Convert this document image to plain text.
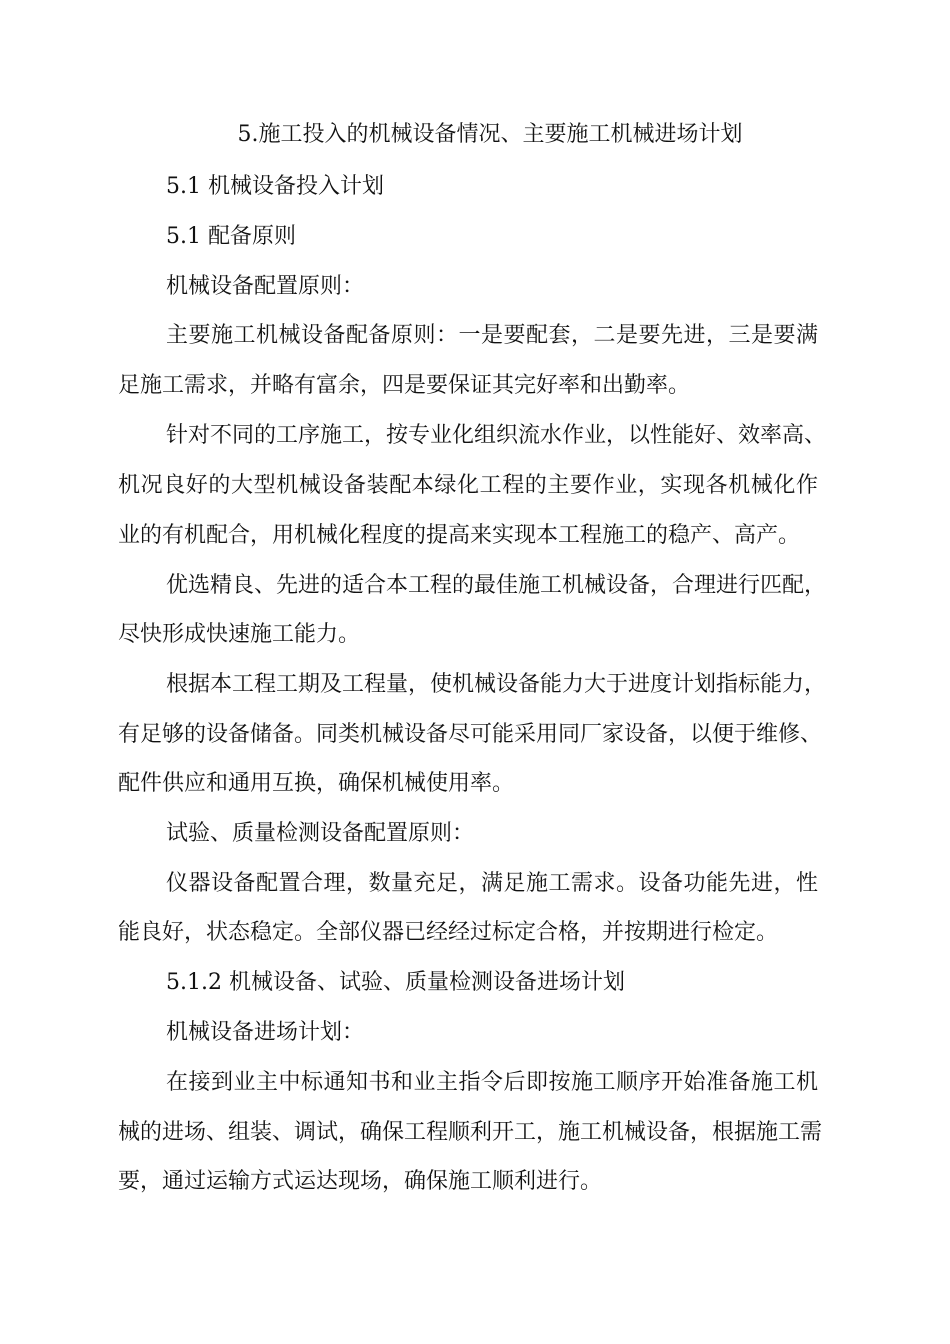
5.施工投入的机械设备情况、主要施工机械进场计划
5.1 机械设备投入计划
5.1 配备原则
机械设备配置原则：
主要施工机械设备配备原则：一是要配套，二是要先进，三是要满
足施工需求，并略有富余，四是要保证其完好率和出勤率。
针对不同的工序施工，按专业化组织流水作业，以性能好、效率高、
机况良好的大型机械设备装配本绿化工程的主要作业，实现各机械化作
业的有机配合，用机械化程度的提高来实现本工程施工的稳产、高产。
优选精良、先进的适合本工程的最佳施工机械设备，合理进行匹配，
尽快形成快速施工能力。
根据本工程工期及工程量，使机械设备能力大于进度计划指标能力，
有足够的设备储备。同类机械设备尽可能采用同厂家设备，以便于维修、
配件供应和通用互换，确保机械使用率。
试验、质量检测设备配置原则：
仪器设备配置合理，数量充足，满足施工需求。设备功能先进，性
能良好，状态稳定。全部仪器已经经过标定合格，并按期进行检定。
5.1.2 机械设备、试验、质量检测设备进场计划
机械设备进场计划：
在接到业主中标通知书和业主指令后即按施工顺序开始准备施工机
械的进场、组装、调试，确保工程顺利开工，施工机械设备，根据施工需
要，通过运输方式运达现场，确保施工顺利进行。
